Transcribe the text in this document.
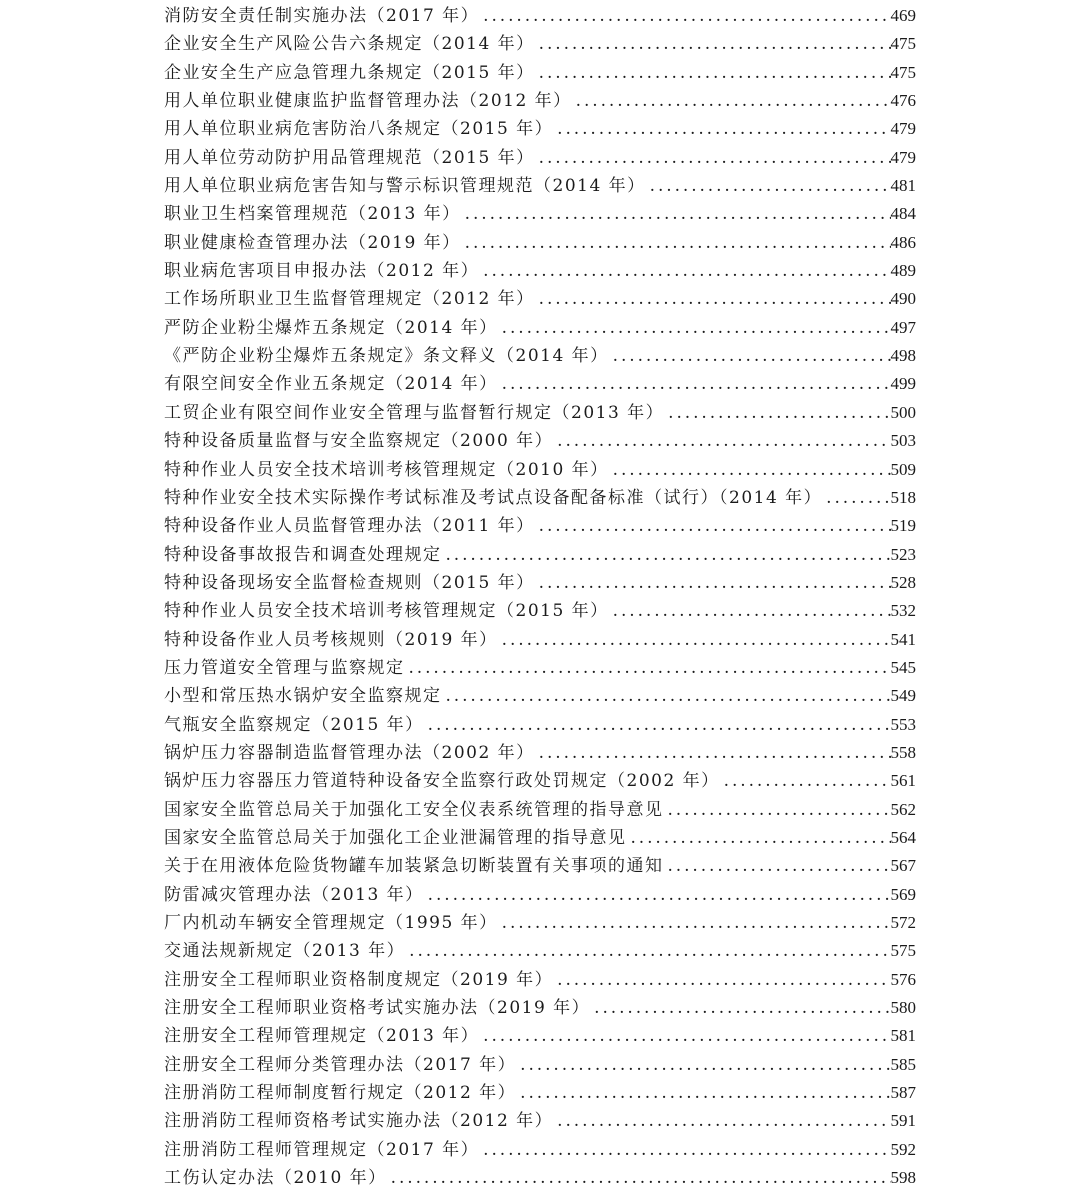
消防安全责任制实施办法（2017 年） .....	469
企业安全生产风险公告六条规定（2014 年） .....	475
企业安全生产应急管理九条规定（2015 年） .....	475
用人单位职业健康监护监督管理办法（2012 年） .....	476
用人单位职业病危害防治八条规定（2015 年） .....	479
用人单位劳动防护用品管理规范（2015 年） .....	479
用人单位职业病危害告知与警示标识管理规范（2014 年） .....	481
职业卫生档案管理规范（2013 年） .....	484
职业健康检查管理办法（2019 年） .....	486
职业病危害项目申报办法（2012 年） .....	489
工作场所职业卫生监督管理规定（2012 年） .....	490
严防企业粉尘爆炸五条规定（2014 年） .....	497
《严防企业粉尘爆炸五条规定》条文释义（2014 年） .....	498
有限空间安全作业五条规定（2014 年） .....	499
工贸企业有限空间作业安全管理与监督暂行规定（2013 年） .....	500
特种设备质量监督与安全监察规定（2000 年） .....	503
特种作业人员安全技术培训考核管理规定（2010 年） .....	509
特种作业安全技术实际操作考试标准及考试点设备配备标准（试行）（2014 年） .....	518
特种设备作业人员监督管理办法（2011 年） .....	519
特种设备事故报告和调查处理规定 .....	523
特种设备现场安全监督检查规则（2015 年） .....	528
特种作业人员安全技术培训考核管理规定（2015 年） .....	532
特种设备作业人员考核规则（2019 年） .....	541
压力管道安全管理与监察规定 .....	545
小型和常压热水锅炉安全监察规定 .....	549
气瓶安全监察规定（2015 年） .....	553
锅炉压力容器制造监督管理办法（2002 年） .....	558
锅炉压力容器压力管道特种设备安全监察行政处罚规定（2002 年） .....	561
国家安全监管总局关于加强化工安全仪表系统管理的指导意见 .....	562
国家安全监管总局关于加强化工企业泄漏管理的指导意见 .....	564
关于在用液体危险货物罐车加装紧急切断装置有关事项的通知 .....	567
防雷减灾管理办法（2013 年） .....	569
厂内机动车辆安全管理规定（1995 年） .....	572
交通法规新规定（2013 年） .....	575
注册安全工程师职业资格制度规定（2019 年） .....	576
注册安全工程师职业资格考试实施办法（2019 年） .....	580
注册安全工程师管理规定（2013 年） .....	581
注册安全工程师分类管理办法（2017 年） .....	585
注册消防工程师制度暂行规定（2012 年） .....	587
注册消防工程师资格考试实施办法（2012 年） .....	591
注册消防工程师管理规定（2017 年） .....	592
工伤认定办法（2010 年） .....	598
